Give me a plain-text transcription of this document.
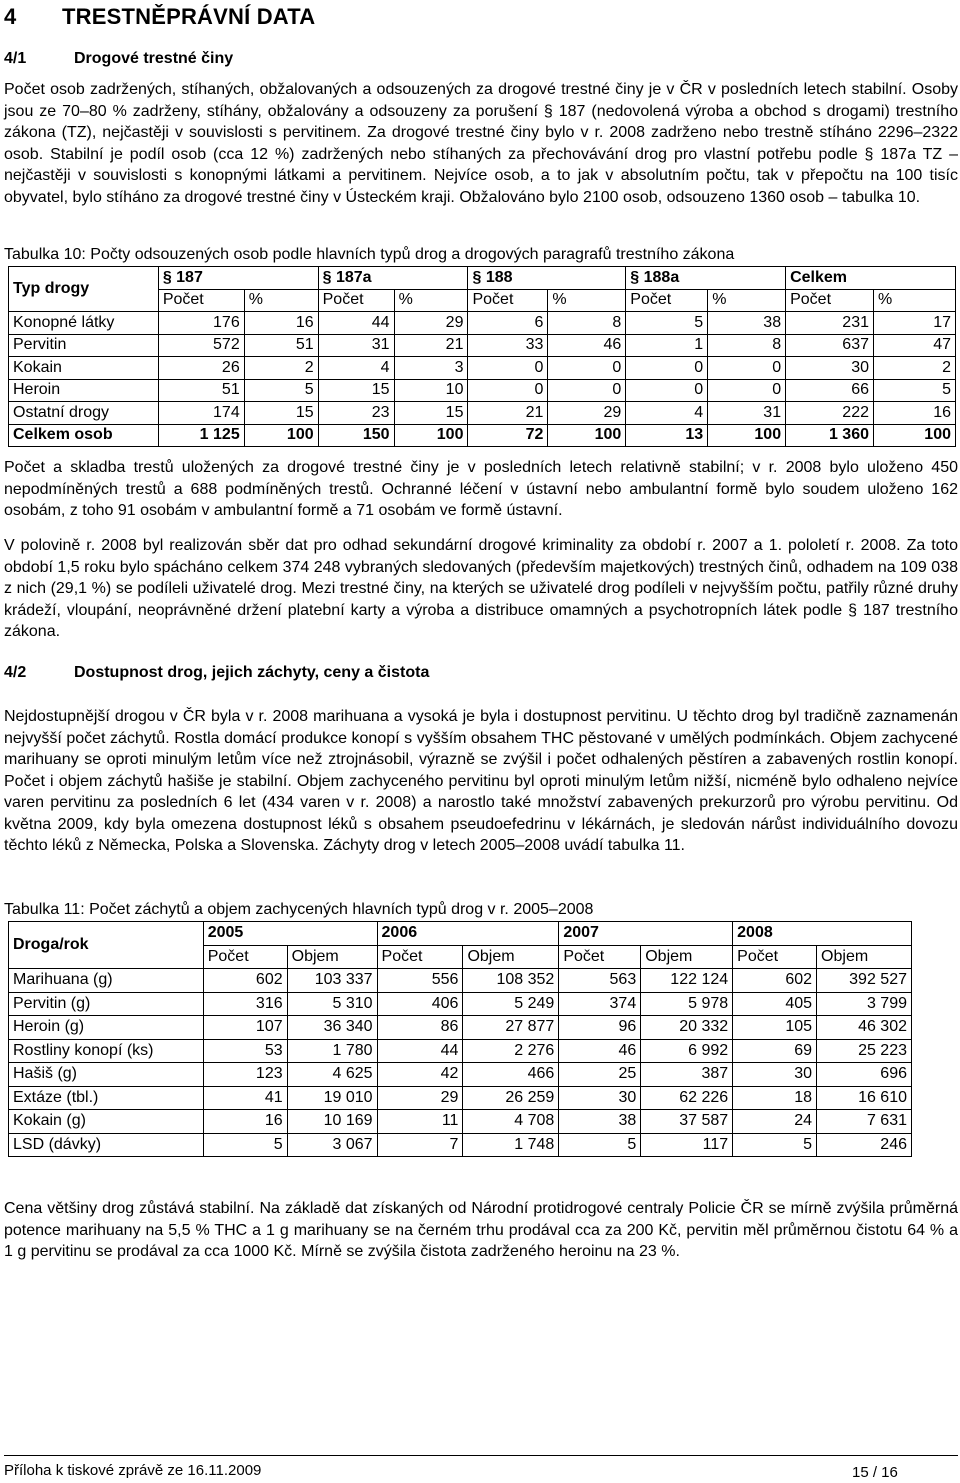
4 TRESTNĚPRÁVNÍ DATA
4/1	Drogové trestné činy

Počet osob zadržených, stíhaných, obžalovaných a odsouzených za drogové trestné činy je v ČR v posledních letech stabilní. Osoby jsou ze 70–80 % zadrženy, stíhány, obžalovány a odsouzeny za porušení § 187 (nedovolená výroba a obchod s drogami) trestního zákona (TZ), nejčastěji v souvislosti s pervitinem. Za drogové trestné činy bylo v r. 2008 zadrženo nebo trestně stíháno 2296–2322 osob. Stabilní je podíl osob (cca 12 %) zadržených nebo stíhaných za přechovávání drog pro vlastní potřebu podle § 187a TZ – nejčastěji v souvislosti s konopnými látkami a pervitinem. Nejvíce osob, a to jak v absolutním počtu, tak v přepočtu na 100 tisíc obyvatel, bylo stíháno za drogové trestné činy v Ústeckém kraji. Obžalováno bylo 2100 osob, odsouzeno 1360 osob – tabulka 10.

Tabulka 10: Počty odsouzených osob podle hlavních typů drog a drogových paragrafů trestního zákona
Typ drogy	§ 187		§ 187a		§ 188		§ 188a		Celkem	
	Počet	%	Počet	%	Počet	%	Počet	%	Počet	%
Konopné látky	176	16	44	29	6	8	5	38	231	17
Pervitin	572	51	31	21	33	46	1	8	637	47
Kokain	26	2	4	3	0	0	0	0	30	2
Heroin	51	5	15	10	0	0	0	0	66	5
Ostatní drogy	174	15	23	15	21	29	4	31	222	16
Celkem osob	1 125	100	150	100	72	100	13	100	1 360	100

Počet a skladba trestů uložených za drogové trestné činy je v posledních letech relativně stabilní; v r. 2008 bylo uloženo 450 nepodmíněných trestů a 688 podmíněných trestů. Ochranné léčení v ústavní nebo ambulantní formě bylo soudem uloženo 162 osobám, z toho 91 osobám v ambulantní formě a 71 osobám ve formě ústavní.

V polovině r. 2008 byl realizován sběr dat pro odhad sekundární drogové kriminality za období r. 2007 a 1. pololetí r. 2008. Za toto období 1,5 roku bylo spácháno celkem 374 248 vybraných sledovaných (především majetkových) trestných činů, odhadem na 109 038 z nich (29,1 %) se podíleli uživatelé drog. Mezi trestné činy, na kterých se uživatelé drog podíleli v nejvyšším počtu, patřily různé druhy krádeží, vloupání, neoprávněné držení platební karty a výroba a distribuce omamných a psychotropních látek podle § 187 trestního zákona.

4/2	Dostupnost drog, jejich záchyty, ceny a čistota

Nejdostupnější drogou v ČR byla v r. 2008 marihuana a vysoká je byla i dostupnost pervitinu. U těchto drog byl tradičně zaznamenán nejvyšší počet záchytů. Rostla domácí produkce konopí s vyšším obsahem THC pěstované v umělých podmínkách. Objem zachycené marihuany se oproti minulým letům více než ztrojnásobil, výrazně se zvýšil i počet odhalených pěstíren a zabavených rostlin konopí. Počet i objem záchytů hašiše je stabilní. Objem zachyceného pervitinu byl oproti minulým letům nižší, nicméně bylo odhaleno nejvíce varen pervitinu za posledních 6 let (434 varen v r. 2008) a narostlo také množství zabavených prekurzorů pro výrobu pervitinu. Od května 2009, kdy byla omezena dostupnost léků s obsahem pseudoefedrinu v lékárnách, je sledován nárůst individuálního dovozu těchto léků z Německa, Polska a Slovenska. Záchyty drog v letech 2005–2008 uvádí tabulka 11.

Tabulka 11: Počet záchytů a objem zachycených hlavních typů drog v r. 2005–2008
Droga/rok	2005		2006		2007		2008	
	Počet	Objem	Počet	Objem	Počet	Objem	Počet	Objem
Marihuana (g)	602	103 337	556	108 352	563	122 124	602	392 527
Pervitin (g)	316	5 310	406	5 249	374	5 978	405	3 799
Heroin (g)	107	36 340	86	27 877	96	20 332	105	46 302
Rostliny konopí (ks)	53	1 780	44	2 276	46	6 992	69	25 223
Hašiš (g)	123	4 625	42	466	25	387	30	696
Extáze (tbl.)	41	19 010	29	26 259	30	62 226	18	16 610
Kokain (g)	16	10 169	11	4 708	38	37 587	24	7 631
LSD (dávky)	5	3 067	7	1 748	5	117	5	246

Cena většiny drog zůstává stabilní. Na základě dat získaných od Národní protidrogové centraly Policie ČR se mírně zvýšila průměrná potence marihuany na 5,5 % THC a 1 g marihuany se na černém trhu prodával cca za 200 Kč, pervitin měl průměrnou čistotu 64 % a 1 g pervitinu se prodával za cca 1000 Kč. Mírně se zvýšila čistota zadrženého heroinu na 23 %.

Příloha k tiskové zprávě ze 16.11.2009	15 / 16
